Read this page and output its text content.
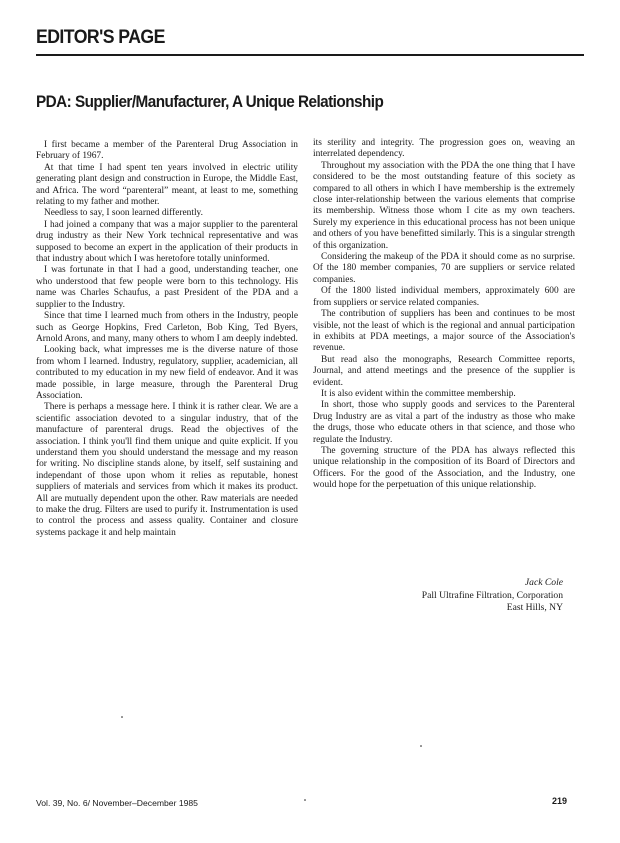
EDITOR'S PAGE
PDA: Supplier/Manufacturer, A Unique Relationship

I first became a member of the Parenteral Drug Association in February of 1967.

At that time I had spent ten years involved in electric utility generating plant design and construction in Europe, the Middle East, and Africa. The word “parenteral” meant, at least to me, something relating to my father and mother.

Needless to say, I soon learned differently.

I had joined a company that was a major supplier to the parenteral drug industry as their New York technical representative and was supposed to become an expert in the application of their products in that industry about which I was heretofore totally uninformed.

I was fortunate in that I had a good, understanding teacher, one who understood that few people were born to this technology. His name was Charles Schaufus, a past President of the PDA and a supplier to the Industry.

Since that time I learned much from others in the Industry, people such as George Hopkins, Fred Carleton, Bob King, Ted Byers, Arnold Arons, and many, many others to whom I am deeply indebted.

Looking back, what impresses me is the diverse nature of those from whom I learned. Industry, regulatory, supplier, academician, all contributed to my education in my new field of endeavor. And it was made possible, in large measure, through the Parenteral Drug Association.

There is perhaps a message here. I think it is rather clear. We are a scientific association devoted to a singular industry, that of the manufacture of parenteral drugs. Read the objectives of the association. I think you'll find them unique and quite explicit. If you understand them you should understand the message and my reason for writing. No discipline stands alone, by itself, self sustaining and independant of those upon whom it relies as reputable, honest suppliers of materials and services from which it makes its product. All are mutually dependent upon the other. Raw materials are needed to make the drug. Filters are used to purify it. Instrumentation is used to control the process and assess quality. Container and closure systems package it and help maintain

its sterility and integrity. The progression goes on, weaving an interrelated dependency.

Throughout my association with the PDA the one thing that I have considered to be the most outstanding feature of this society as compared to all others in which I have membership is the extremely close inter-relationship between the various elements that comprise its membership. Witness those whom I cite as my own teachers. Surely my experience in this educational process has not been unique and others of you have benefitted similarly. This is a singular strength of this organization.

Considering the makeup of the PDA it should come as no surprise. Of the 180 member companies, 70 are suppliers or service related companies.

Of the 1800 listed individual members, approximately 600 are from suppliers or service related companies.

The contribution of suppliers has been and continues to be most visible, not the least of which is the regional and annual participation in exhibits at PDA meetings, a major source of the Association's revenue.

But read also the monographs, Research Committee reports, Journal, and attend meetings and the presence of the supplier is evident.

It is also evident within the committee membership.

In short, those who supply goods and services to the Parenteral Drug Industry are as vital a part of the industry as those who make the drugs, those who educate others in that science, and those who regulate the Industry.

The governing structure of the PDA has always reflected this unique relationship in the composition of its Board of Directors and Officers. For the good of the Association, and the Industry, one would hope for the perpetuation of this unique relationship.

Jack Cole
Pall Ultrafine Filtration, Corporation
East Hills, NY
Vol. 39, No. 6/ November–December 1985	219
